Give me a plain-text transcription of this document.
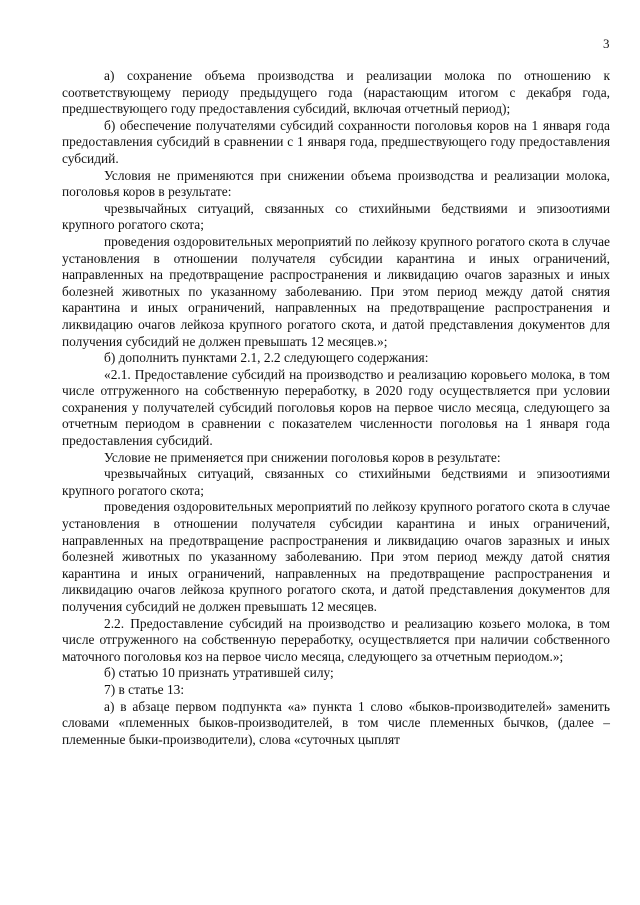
3

а) сохранение объема производства и реализации молока по отношению к соответствующему периоду предыдущего года (нарастающим итогом с декабря года, предшествующего году предоставления субсидий, включая отчетный период);

б) обеспечение получателями субсидий сохранности поголовья коров на 1 января года предоставления субсидий в сравнении с 1 января года, предшествующего году предоставления субсидий.

Условия не применяются при снижении объема производства и реализации молока, поголовья коров в результате:

чрезвычайных ситуаций, связанных со стихийными бедствиями и эпизоотиями крупного рогатого скота;

проведения оздоровительных мероприятий по лейкозу крупного рогатого скота в случае установления в отношении получателя субсидии карантина и иных ограничений, направленных на предотвращение распространения и ликвидацию очагов заразных и иных болезней животных по указанному заболеванию. При этом период между датой снятия карантина и иных ограничений, направленных на предотвращение распространения и ликвидацию очагов лейкоза крупного рогатого скота, и датой представления документов для получения субсидий не должен превышать 12 месяцев.»;

б) дополнить пунктами 2.1, 2.2 следующего содержания:

«2.1. Предоставление субсидий на производство и реализацию коровьего молока, в том числе отгруженного на собственную переработку, в 2020 году осуществляется при условии сохранения у получателей субсидий поголовья коров на первое число месяца, следующего за отчетным периодом в сравнении с показателем численности поголовья на 1 января года предоставления субсидий.

Условие не применяется при снижении поголовья коров в результате:

чрезвычайных ситуаций, связанных со стихийными бедствиями и эпизоотиями крупного рогатого скота;

проведения оздоровительных мероприятий по лейкозу крупного рогатого скота в случае установления в отношении получателя субсидии карантина и иных ограничений, направленных на предотвращение распространения и ликвидацию очагов заразных и иных болезней животных по указанному заболеванию. При этом период между датой снятия карантина и иных ограничений, направленных на предотвращение распространения и ликвидацию очагов лейкоза крупного рогатого скота, и датой представления документов для получения субсидий не должен превышать 12 месяцев.

2.2. Предоставление субсидий на производство и реализацию козьего молока, в том числе отгруженного на собственную переработку, осуществляется при наличии собственного маточного поголовья коз на первое число месяца, следующего за отчетным периодом.»;

б) статью 10 признать утратившей силу;

7) в статье 13:

а) в абзаце первом подпункта «а» пункта 1 слово «быков-производителей» заменить словами «племенных быков-производителей, в том числе племенных бычков, (далее – племенные быки-производители), слова «суточных цыплят
